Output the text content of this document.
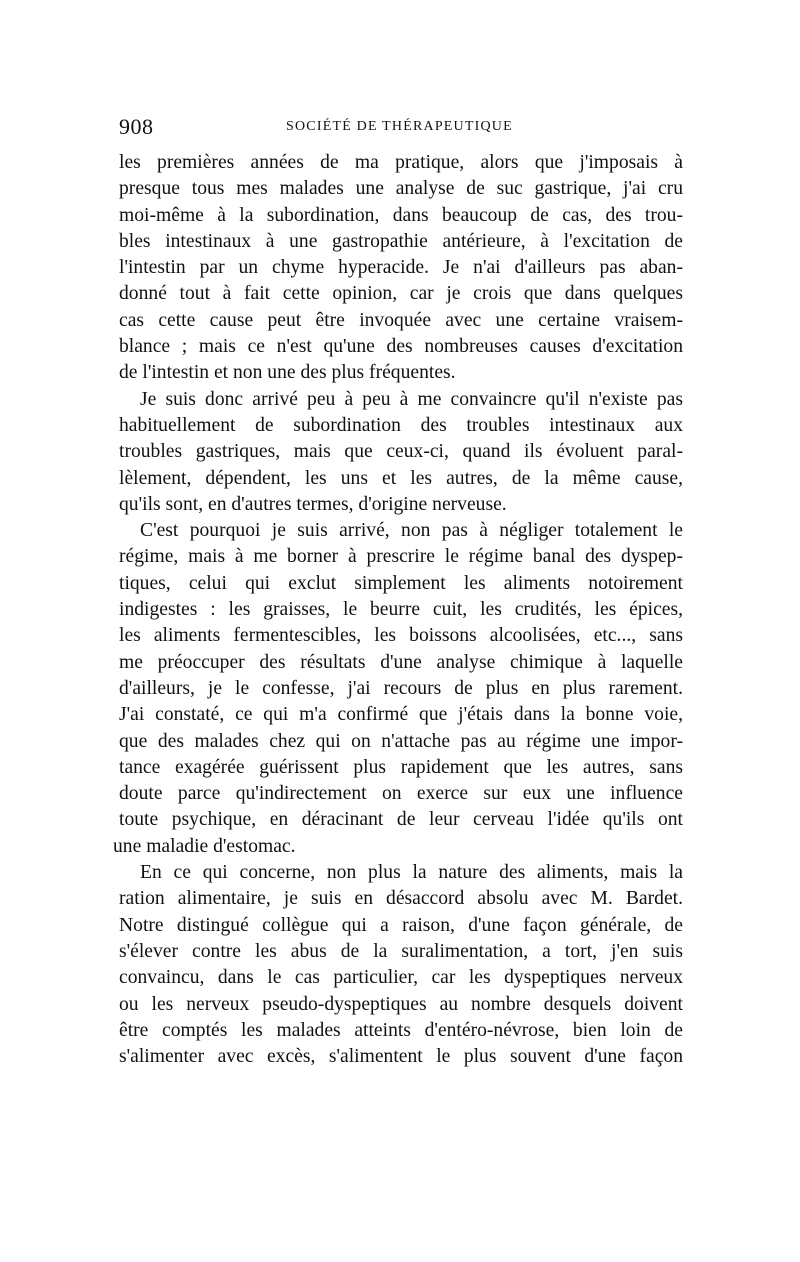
908	SOCIÉTÉ DE THÉRAPEUTIQUE
les premières années de ma pratique, alors que j'imposais à
presque tous mes malades une analyse de suc gastrique, j'ai cru
moi-même à la subordination, dans beaucoup de cas, des trou-
bles intestinaux à une gastropathie antérieure, à l'excitation de
l'intestin par un chyme hyperacide. Je n'ai d'ailleurs pas aban-
donné tout à fait cette opinion, car je crois que dans quelques
cas cette cause peut être invoquée avec une certaine vraisem-
blance ; mais ce n'est qu'une des nombreuses causes d'excitation
de l'intestin et non une des plus fréquentes.
Je suis donc arrivé peu à peu à me convaincre qu'il n'existe pas
habituellement de subordination des troubles intestinaux aux
troubles gastriques, mais que ceux-ci, quand ils évoluent paral-
lèlement, dépendent, les uns et les autres, de la même cause,
qu'ils sont, en d'autres termes, d'origine nerveuse.
C'est pourquoi je suis arrivé, non pas à négliger totalement le
régime, mais à me borner à prescrire le régime banal des dyspep-
tiques, celui qui exclut simplement les aliments notoirement
indigestes : les graisses, le beurre cuit, les crudités, les épices,
les aliments fermentescibles, les boissons alcoolisées, etc..., sans
me préoccuper des résultats d'une analyse chimique à laquelle
d'ailleurs, je le confesse, j'ai recours de plus en plus rarement.
J'ai constaté, ce qui m'a confirmé que j'étais dans la bonne voie,
que des malades chez qui on n'attache pas au régime une impor-
tance exagérée guérissent plus rapidement que les autres, sans
doute parce qu'indirectement on exerce sur eux une influence
toute psychique, en déracinant de leur cerveau l'idée qu'ils ont
une maladie d'estomac.
En ce qui concerne, non plus la nature des aliments, mais la
ration alimentaire, je suis en désaccord absolu avec M. Bardet.
Notre distingué collègue qui a raison, d'une façon générale, de
s'élever contre les abus de la suralimentation, a tort, j'en suis
convaincu, dans le cas particulier, car les dyspeptiques nerveux
ou les nerveux pseudo-dyspeptiques au nombre desquels doivent
être comptés les malades atteints d'entéro-névrose, bien loin de
s'alimenter avec excès, s'alimentent le plus souvent d'une façon
